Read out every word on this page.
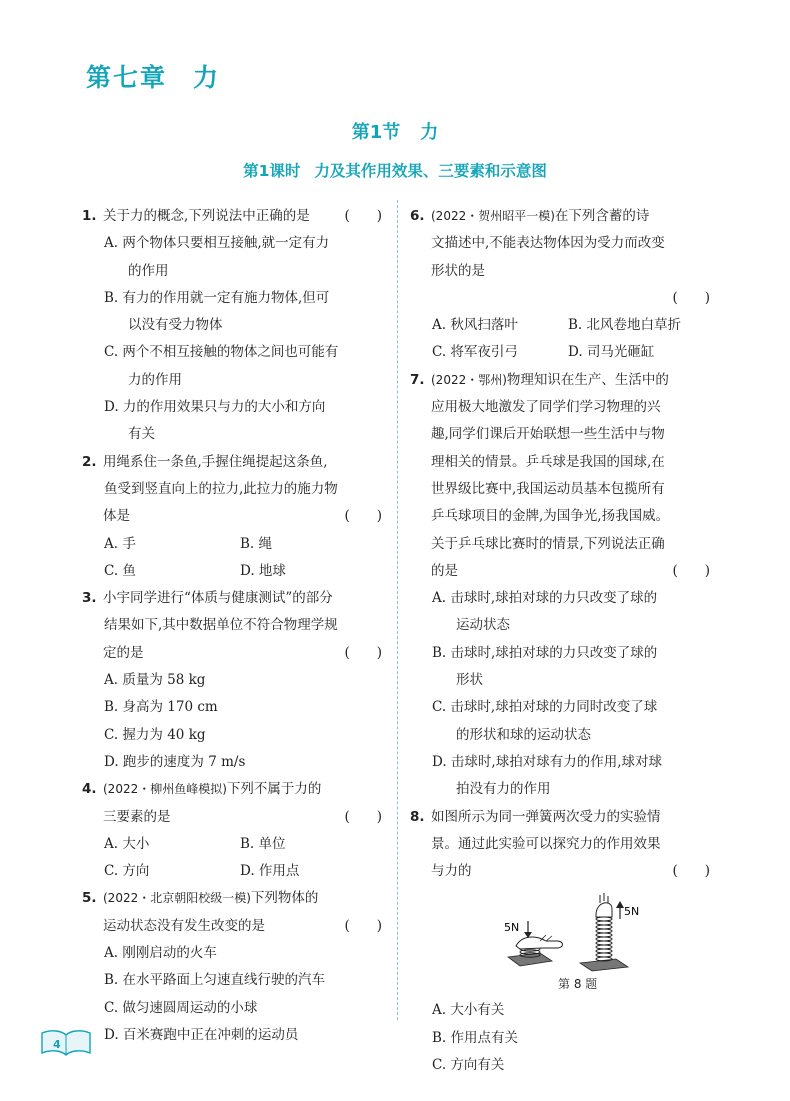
第七章 力
第1节 力
第1课时 力及其作用效果、三要素和示意图
1. 关于力的概念,下列说法中正确的是	(　　)
A. 两个物体只要相互接触,就一定有力
的作用
B. 有力的作用就一定有施力物体,但可
以没有受力物体
C. 两个不相互接触的物体之间也可能有
力的作用
D. 力的作用效果只与力的大小和方向
有关
2. 用绳系住一条鱼,手握住绳提起这条鱼,
鱼受到竖直向上的拉力,此拉力的施力物
体是	(　　)
A. 手	B. 绳
C. 鱼	D. 地球
3. 小宇同学进行“体质与健康测试”的部分
结果如下,其中数据单位不符合物理学规
定的是	(　　)
A. 质量为 58 kg
B. 身高为 170 cm
C. 握力为 40 kg
D. 跑步的速度为 7 m/s
4. (2022・柳州鱼峰模拟)下列不属于力的
三要素的是	(　　)
A. 大小	B. 单位
C. 方向	D. 作用点
5. (2022・北京朝阳校级一模)下列物体的
运动状态没有发生改变的是	(　　)
A. 刚刚启动的火车
B. 在水平路面上匀速直线行驶的汽车
C. 做匀速圆周运动的小球
D. 百米赛跑中正在冲刺的运动员
6. (2022・贺州昭平一模)在下列含蓄的诗
文描述中,不能表达物体因为受力而改变
形状的是
(　　)
A. 秋风扫落叶	B. 北风卷地白草折
C. 将军夜引弓	D. 司马光砸缸
7. (2022・鄂州)物理知识在生产、生活中的
应用极大地激发了同学们学习物理的兴
趣,同学们课后开始联想一些生活中与物
理相关的情景。乒乓球是我国的国球,在
世界级比赛中,我国运动员基本包揽所有
乒乓球项目的金牌,为国争光,扬我国威。
关于乒乓球比赛时的情景,下列说法正确
的是	(　　)
A. 击球时,球拍对球的力只改变了球的
运动状态
B. 击球时,球拍对球的力只改变了球的
形状
C. 击球时,球拍对球的力同时改变了球
的形状和球的运动状态
D. 击球时,球拍对球有力的作用,球对球
拍没有力的作用
8. 如图所示为同一弹簧两次受力的实验情
景。通过此实验可以探究力的作用效果
与力的	(　　)
5N
5N
第 8 题
A. 大小有关
B. 作用点有关
C. 方向有关
4
